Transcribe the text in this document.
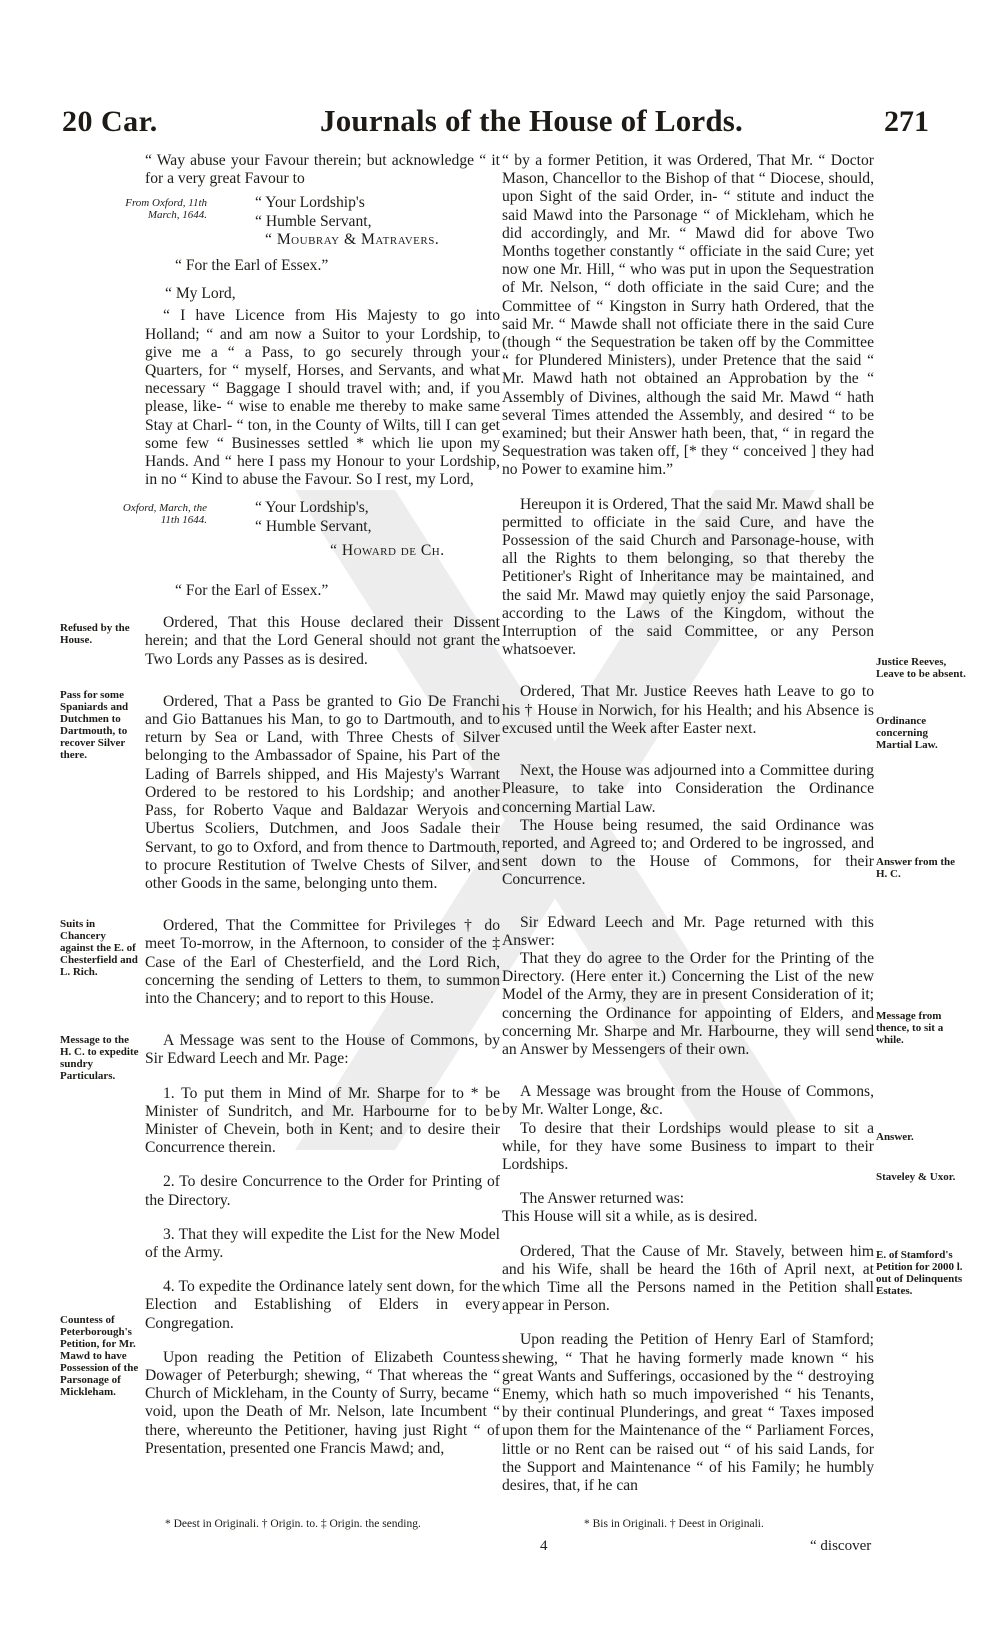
20 Car.	Journals of the House of Lords.	271

“ Way abuse your Favour therein; but acknowledge “ it for a very great Favour to

From Oxford, 11th March, 1644.
“ Your Lordship's
“ Humble Servant,
“ Moubray & Matravers.
“ For the Earl of Essex.”
“ My Lord,

“ I have Licence from His Majesty to go into Holland; “ and am now a Suitor to your Lordship, to give me a “ a Pass, to go securely through your Quarters, for “ myself, Horses, and Servants, and what necessary “ Baggage I should travel with; and, if you please, like- “ wise to enable me thereby to make same Stay at Charl- “ ton, in the County of Wilts, till I can get some few “ Businesses settled * which lie upon my Hands. And “ here I pass my Honour to your Lordship, in no “ Kind to abuse the Favour. So I rest, my Lord,

Oxford, March, the 11th 1644.
“ Your Lordship's,
“ Humble Servant,
“ Howard de Ch.
“ For the Earl of Essex.”

Ordered, That this House declared their Dissent herein; and that the Lord General should not grant the Two Lords any Passes as is desired.

Ordered, That a Pass be granted to Gio De Franchi and Gio Battanues his Man, to go to Dartmouth, and to return by Sea or Land, with Three Chests of Silver belonging to the Ambassador of Spaine, his Part of the Lading of Barrels shipped, and His Majesty's Warrant Ordered to be restored to his Lordship; and another Pass, for Roberto Vaque and Baldazar Weryois and Ubertus Scoliers, Dutchmen, and Joos Sadale their Servant, to go to Oxford, and from thence to Dartmouth, to procure Restitution of Twelve Chests of Silver, and other Goods in the same, belonging unto them.

Ordered, That the Committee for Privileges † do meet To-morrow, in the Afternoon, to consider of the ‡ Case of the Earl of Chesterfield, and the Lord Rich, concerning the sending of Letters to them, to summon into the Chancery; and to report to this House.

A Message was sent to the House of Commons, by Sir Edward Leech and Mr. Page:

1. To put them in Mind of Mr. Sharpe for to * be Minister of Sundritch, and Mr. Harbourne for to be Minister of Chevein, both in Kent; and to desire their Concurrence therein.

2. To desire Concurrence to the Order for Printing of the Directory.

3. That they will expedite the List for the New Model of the Army.

4. To expedite the Ordinance lately sent down, for the Election and Establishing of Elders in every Congregation.

Upon reading the Petition of Elizabeth Countess Dowager of Peterburgh; shewing, “ That whereas the “ Church of Mickleham, in the County of Surry, became “ void, upon the Death of Mr. Nelson, late Incumbent “ there, whereunto the Petitioner, having just Right “ of Presentation, presented one Francis Mawd; and,

“ by a former Petition, it was Ordered, That Mr. “ Doctor Mason, Chancellor to the Bishop of that “ Diocese, should, upon Sight of the said Order, in- “ stitute and induct the said Mawd into the Parsonage “ of Mickleham, which he did accordingly, and Mr. “ Mawd did for above Two Months together constantly “ officiate in the said Cure; yet now one Mr. Hill, “ who was put in upon the Sequestration of Mr. Nelson, “ doth officiate in the said Cure; and the Committee of “ Kingston in Surry hath Ordered, that the said Mr. “ Mawde shall not officiate there in the said Cure (though “ the Sequestration be taken off by the Committee “ for Plundered Ministers), under Pretence that the said “ Mr. Mawd hath not obtained an Approbation by the “ Assembly of Divines, although the said Mr. Mawd “ hath several Times attended the Assembly, and desired “ to be examined; but their Answer hath been, that, “ in regard the Sequestration was taken off, [* they “ conceived ] they had no Power to examine him.”

Hereupon it is Ordered, That the said Mr. Mawd shall be permitted to officiate in the said Cure, and have the Possession of the said Church and Parsonage-house, with all the Rights to them belonging, so that thereby the Petitioner's Right of Inheritance may be maintained, and the said Mr. Mawd may quietly enjoy the said Parsonage, according to the Laws of the Kingdom, without the Interruption of the said Committee, or any Person whatsoever.

Ordered, That Mr. Justice Reeves hath Leave to go to his † House in Norwich, for his Health; and his Absence is excused until the Week after Easter next.

Next, the House was adjourned into a Committee during Pleasure, to take into Consideration the Ordinance concerning Martial Law.

The House being resumed, the said Ordinance was reported, and Agreed to; and Ordered to be ingrossed, and sent down to the House of Commons, for their Concurrence.

Sir Edward Leech and Mr. Page returned with this Answer:

That they do agree to the Order for the Printing of the Directory. (Here enter it.) Concerning the List of the new Model of the Army, they are in present Consideration of it; concerning the Ordinance for appointing of Elders, and concerning Mr. Sharpe and Mr. Harbourne, they will send an Answer by Messengers of their own.

A Message was brought from the House of Commons, by Mr. Walter Longe, &c.

To desire that their Lordships would please to sit a while, for they have some Business to impart to their Lordships.

The Answer returned was:

This House will sit a while, as is desired.

Ordered, That the Cause of Mr. Stavely, between him and his Wife, shall be heard the 16th of April next, at which Time all the Persons named in the Petition shall appear in Person.

Upon reading the Petition of Henry Earl of Stamford; shewing, “ That he having formerly made known “ his great Wants and Sufferings, occasioned by the “ destroying Enemy, which hath so much impoverished “ his Tenants, by their continual Plunderings, and great “ Taxes imposed upon them for the Maintenance of the “ Parliament Forces, little or no Rent can be raised out “ of his said Lands, for the Support and Maintenance “ of his Family; he humbly desires, that, if he can

Refused by the House.
Pass for some Spaniards and Dutchmen to Dartmouth, to recover Silver there.
Suits in Chancery against the E. of Chesterfield and L. Rich.
Message to the H. C. to expedite sundry Particulars.
Countess of Peterborough's Petition, for Mr. Mawd to have Possession of the Parsonage of Mickleham.
Justice Reeves, Leave to be absent.
Ordinance concerning Martial Law.
Answer from the H. C.
Message from thence, to sit a while.
Answer.
Staveley & Uxor.
E. of Stamford's Petition for 2000 l. out of Delinquents Estates.
* Deest in Originali. † Origin. to. ‡ Origin. the sending.	* Bis in Originali. † Deest in Originali.
4	“ discover
